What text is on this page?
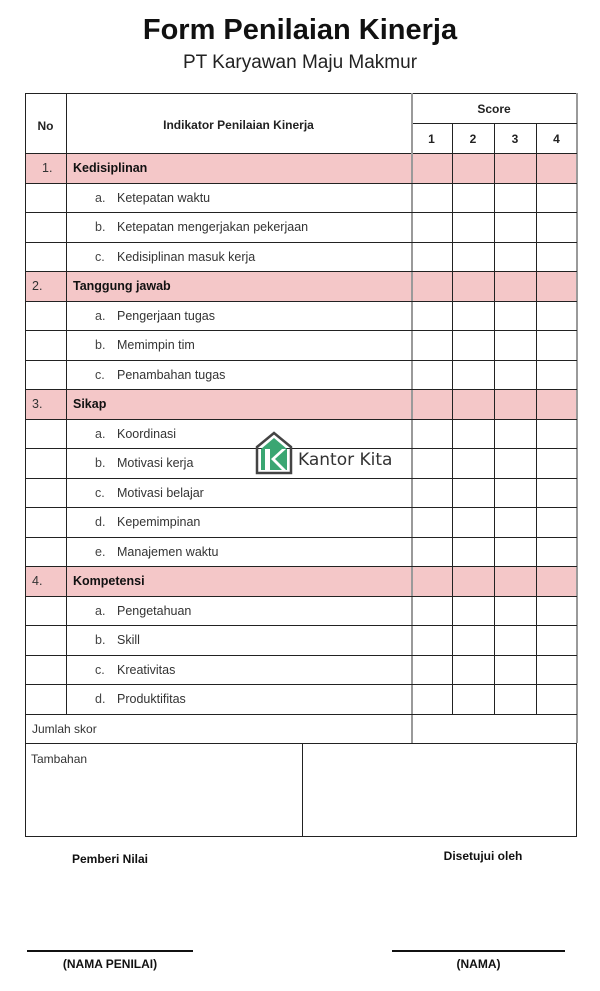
Form Penilaian Kinerja
PT Karyawan Maju Makmur
No	Indikator Penilaian Kinerja
Score
1	2	3	4
1. Kedisiplinan
a. Ketepatan waktu
b. Ketepatan mengerjakan pekerjaan
c. Kedisiplinan masuk kerja
2. Tanggung jawab
a. Pengerjaan tugas
b. Memimpin tim
c. Penambahan tugas
3. Sikap
a. Koordinasi
b. Motivasi kerja
c. Motivasi belajar
d. Kepemimpinan
e. Manajemen waktu
4. Kompetensi
a. Pengetahuan
b. Skill
c. Kreativitas
d. Produktifitas
Jumlah skor
Tambahan
Kantor Kita
Pemberi Nilai
(NAMA PENILAI)
Disetujui oleh
(NAMA)
